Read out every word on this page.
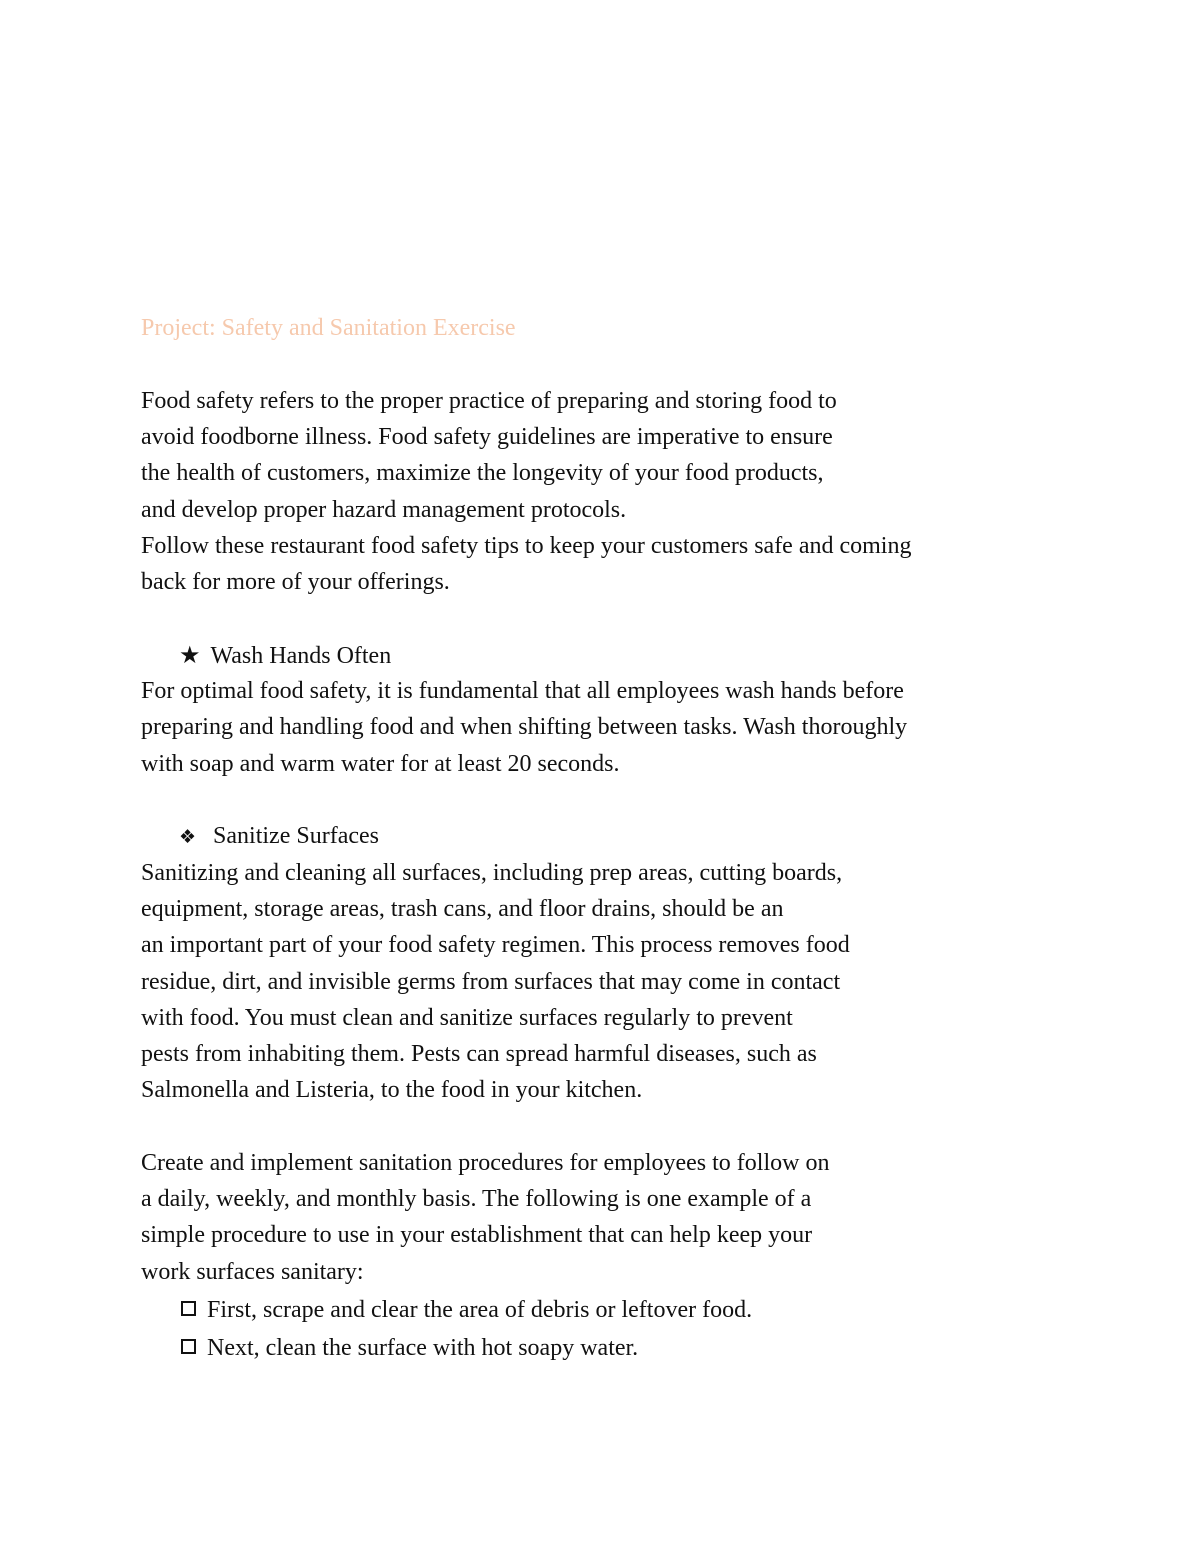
Project: Safety and Sanitation Exercise
Food safety refers to the proper practice of preparing and storing food to
avoid foodborne illness. Food safety guidelines are imperative to ensure
the health of customers, maximize the longevity of your food products,
and develop proper hazard management protocols.
Follow these restaurant food safety tips to keep your customers safe and coming
back for more of your offerings.
★ Wash Hands Often
For optimal food safety, it is fundamental that all employees wash hands before
preparing and handling food and when shifting between tasks. Wash thoroughly
with soap and warm water for at least 20 seconds.
❖ Sanitize Surfaces
Sanitizing and cleaning all surfaces, including prep areas, cutting boards,
equipment, storage areas, trash cans, and floor drains, should be an
an important part of your food safety regimen. This process removes food
residue, dirt, and invisible germs from surfaces that may come in contact
with food. You must clean and sanitize surfaces regularly to prevent
pests from inhabiting them. Pests can spread harmful diseases, such as
Salmonella and Listeria, to the food in your kitchen.
Create and implement sanitation procedures for employees to follow on
a daily, weekly, and monthly basis. The following is one example of a
simple procedure to use in your establishment that can help keep your
work surfaces sanitary:
First, scrape and clear the area of debris or leftover food.
Next, clean the surface with hot soapy water.
